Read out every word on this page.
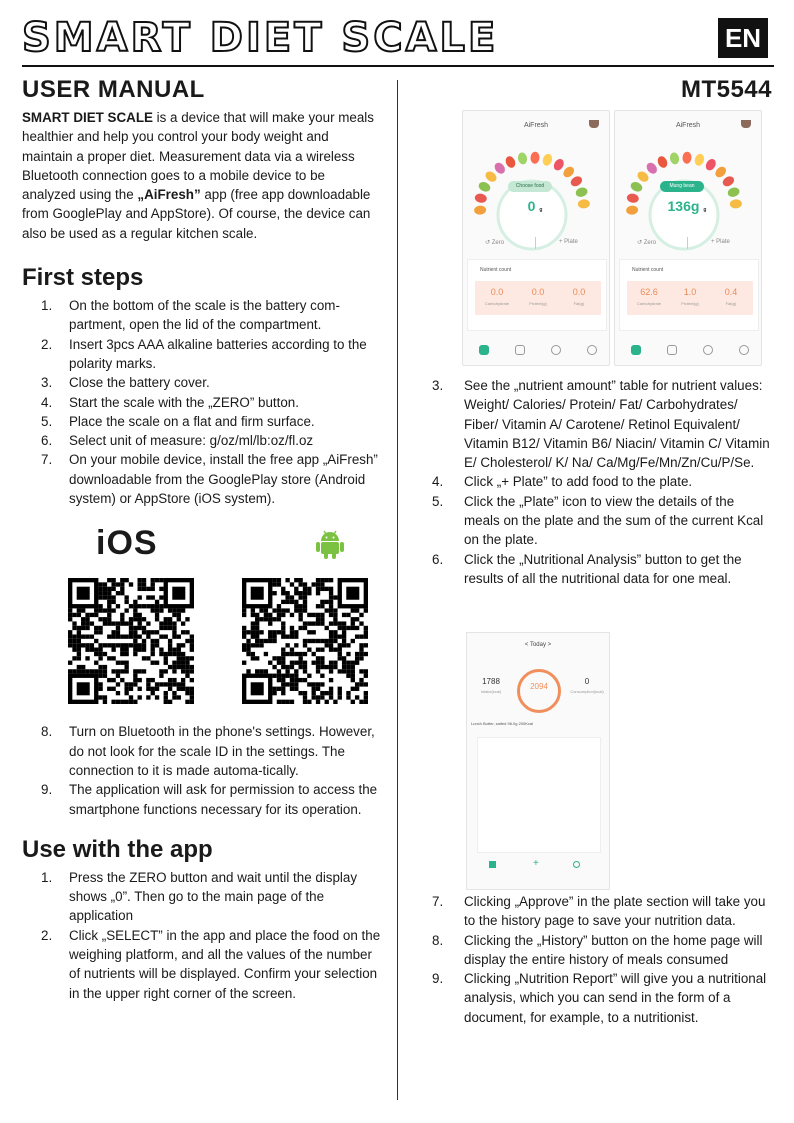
SMART DIET SCALE	EN
USER MANUAL

SMART DIET SCALE is a device that will make your meals healthier and help you control your body weight and maintain a proper diet. Measurement data via a wireless Bluetooth connection goes to a mobile device to be analyzed using the „AiFresh” app (free app downloadable from GooglePlay and AppStore). Of course, the device can also be used as a regular kitchen scale.

First steps
1.	On the bottom of the scale is the battery com-partment, open the lid of the compartment.
2.	Insert 3pcs AAA alkaline batteries according to the polarity marks.
3.	Close the battery cover.
4.	Start the scale with the „ZERO” button.
5.	Place the scale on a flat and firm surface.
6.	Select unit of measure: g/oz/ml/lb:oz/fl.oz
7.	On your mobile device, install the free app „AiFresh” downloadable from the GooglePlay store (Android system) or AppStore (iOS system).
iOS
8.	Turn on Bluetooth in the phone's settings. However, do not look for the scale ID in the settings. The connection to it is made automa-tically.
9.	The application will ask for permission to access the smartphone functions necessary for its operation.
Use with the app
1.	Press the ZERO button and wait until the display shows „0”. Then go to the main page of the application
2.	Click „SELECT” in the app and place the food on the weighing platform, and all the values of the number of nutrients will be displayed. Confirm your selection in the upper right corner of the screen.
MT5544
AiFresh
Choose food
0 g
↺ Zero	+ Plate
Nutrient count
0.0	0.0	0.0
Carbohydrate	Protein(g)	Fat(g)
AiFresh
Mung bean
136g g
↺ Zero	+ Plate
Nutrient count
62.6	1.0	0.4
Carbohydrate	Protein(g)	Fat(g)
3.	See the „nutrient amount” table for nutrient values: Weight/ Calories/ Protein/ Fat/ Carbohydrates/ Fiber/ Vitamin A/ Carotene/ Retinol Equivalent/ Vitamin B12/ Vitamin B6/ Niacin/ Vitamin C/ Vitamin E/ Cholesterol/ K/ Na/ Ca/Mg/Fe/Mn/Zn/Cu/P/Se.
4.	Click „+ Plate” to add food to the plate.
5.	Click the „Plate” icon to view the details of the meals on the plate and the sum of the current Kcal on the plate.
6.	Click the „Nutritional Analysis” button to get the results of all the nutritional data for one meal.
< Today >
1788
Intake(kcal)
2094
0
Consumption(kcal)
Lunch Butter, salted 96.0g 200Kcal
+
7.	Clicking „Approve” in the plate section will take you to the history page to save your nutrition data.
8.	Clicking the „History” button on the home page will display the entire history of meals consumed
9.	Clicking „Nutrition Report” will give you a nutritional analysis, which you can send in the form of a document, for example, to a nutritionist.
